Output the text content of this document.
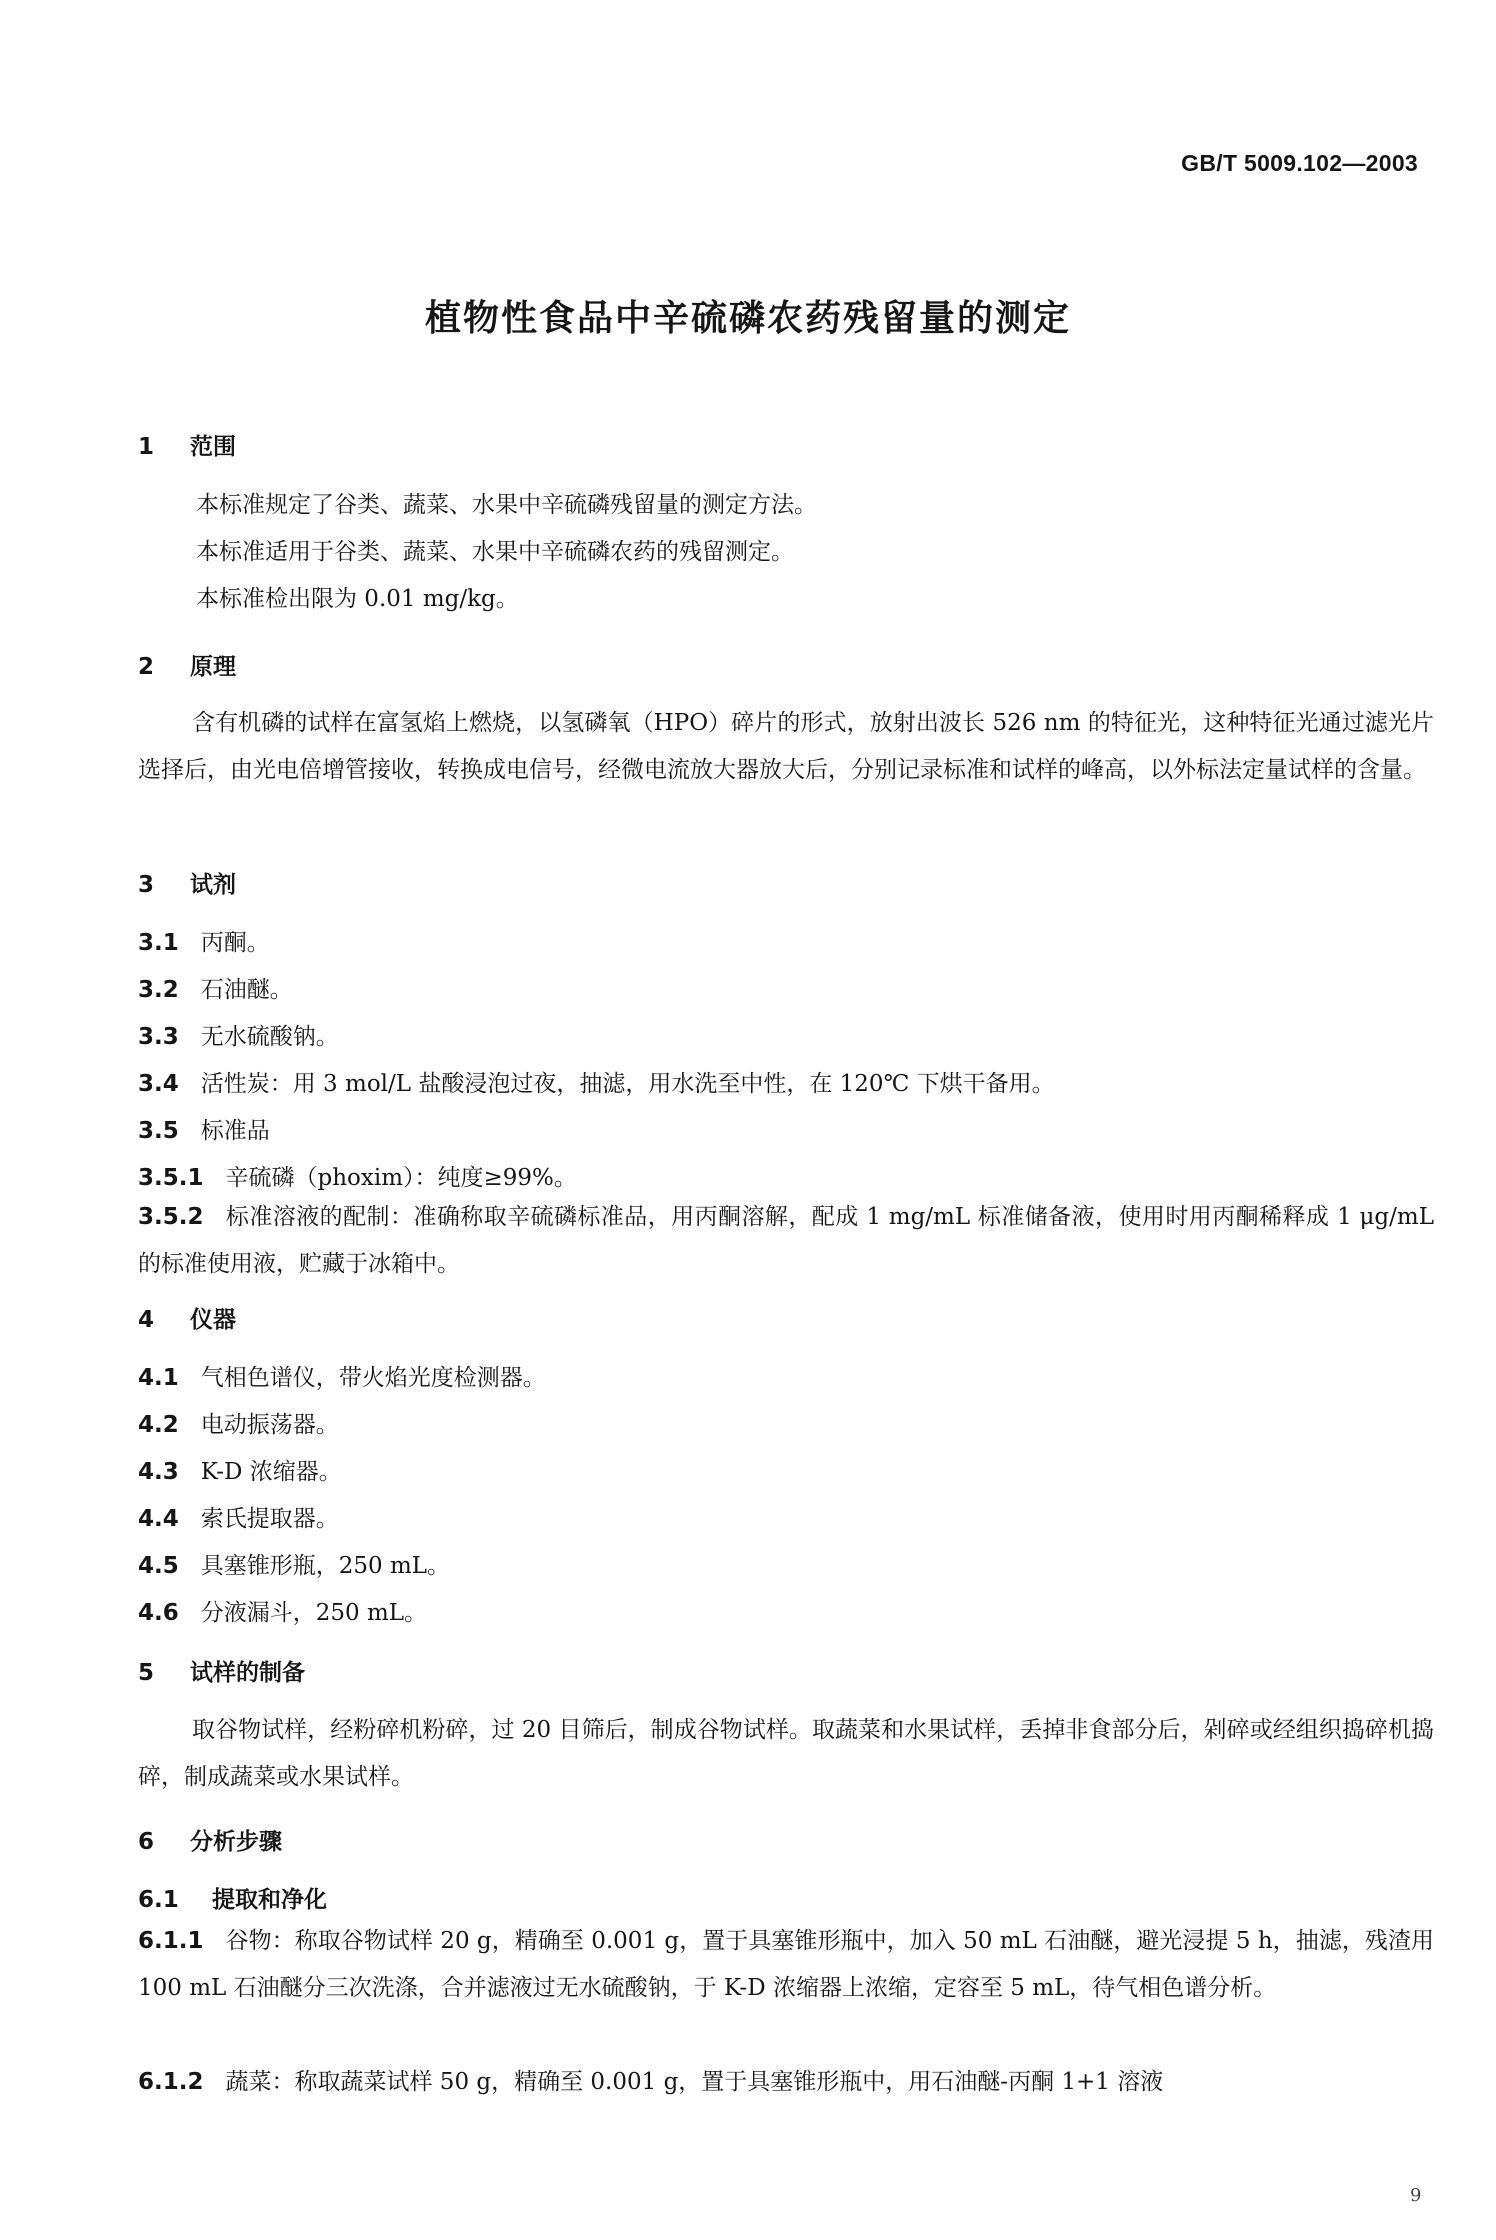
GB/T 5009.102—2003
植物性食品中辛硫磷农药残留量的测定
1 范围
本标准规定了谷类、蔬菜、水果中辛硫磷残留量的测定方法。
本标准适用于谷类、蔬菜、水果中辛硫磷农药的残留测定。
本标准检出限为 0.01 mg/kg。
2 原理

含有机磷的试样在富氢焰上燃烧，以氢磷氧（HPO）碎片的形式，放射出波长 526 nm 的特征光，这种特征光通过滤光片选择后，由光电倍增管接收，转换成电信号，经微电流放大器放大后，分别记录标准和试样的峰高，以外标法定量试样的含量。

3 试剂
3.1 丙酮。
3.2 石油醚。
3.3 无水硫酸钠。
3.4 活性炭：用 3 mol/L 盐酸浸泡过夜，抽滤，用水洗至中性，在 120℃ 下烘干备用。
3.5 标准品
3.5.1 辛硫磷（phoxim）：纯度≥99%。
3.5.2 标准溶液的配制：准确称取辛硫磷标准品，用丙酮溶解，配成 1 mg/mL 标准储备液，使用时用丙酮稀释成 1 μg/mL 的标准使用液，贮藏于冰箱中。
4 仪器
4.1 气相色谱仪，带火焰光度检测器。
4.2 电动振荡器。
4.3 K-D 浓缩器。
4.4 索氏提取器。
4.5 具塞锥形瓶，250 mL。
4.6 分液漏斗，250 mL。
5 试样的制备

取谷物试样，经粉碎机粉碎，过 20 目筛后，制成谷物试样。取蔬菜和水果试样，丢掉非食部分后，剁碎或经组织捣碎机捣碎，制成蔬菜或水果试样。

6 分析步骤
6.1 提取和净化
6.1.1 谷物：称取谷物试样 20 g，精确至 0.001 g，置于具塞锥形瓶中，加入 50 mL 石油醚，避光浸提 5 h，抽滤，残渣用 100 mL 石油醚分三次洗涤，合并滤液过无水硫酸钠，于 K-D 浓缩器上浓缩，定容至 5 mL，待气相色谱分析。
6.1.2 蔬菜：称取蔬菜试样 50 g，精确至 0.001 g，置于具塞锥形瓶中，用石油醚-丙酮 1+1 溶液
9
